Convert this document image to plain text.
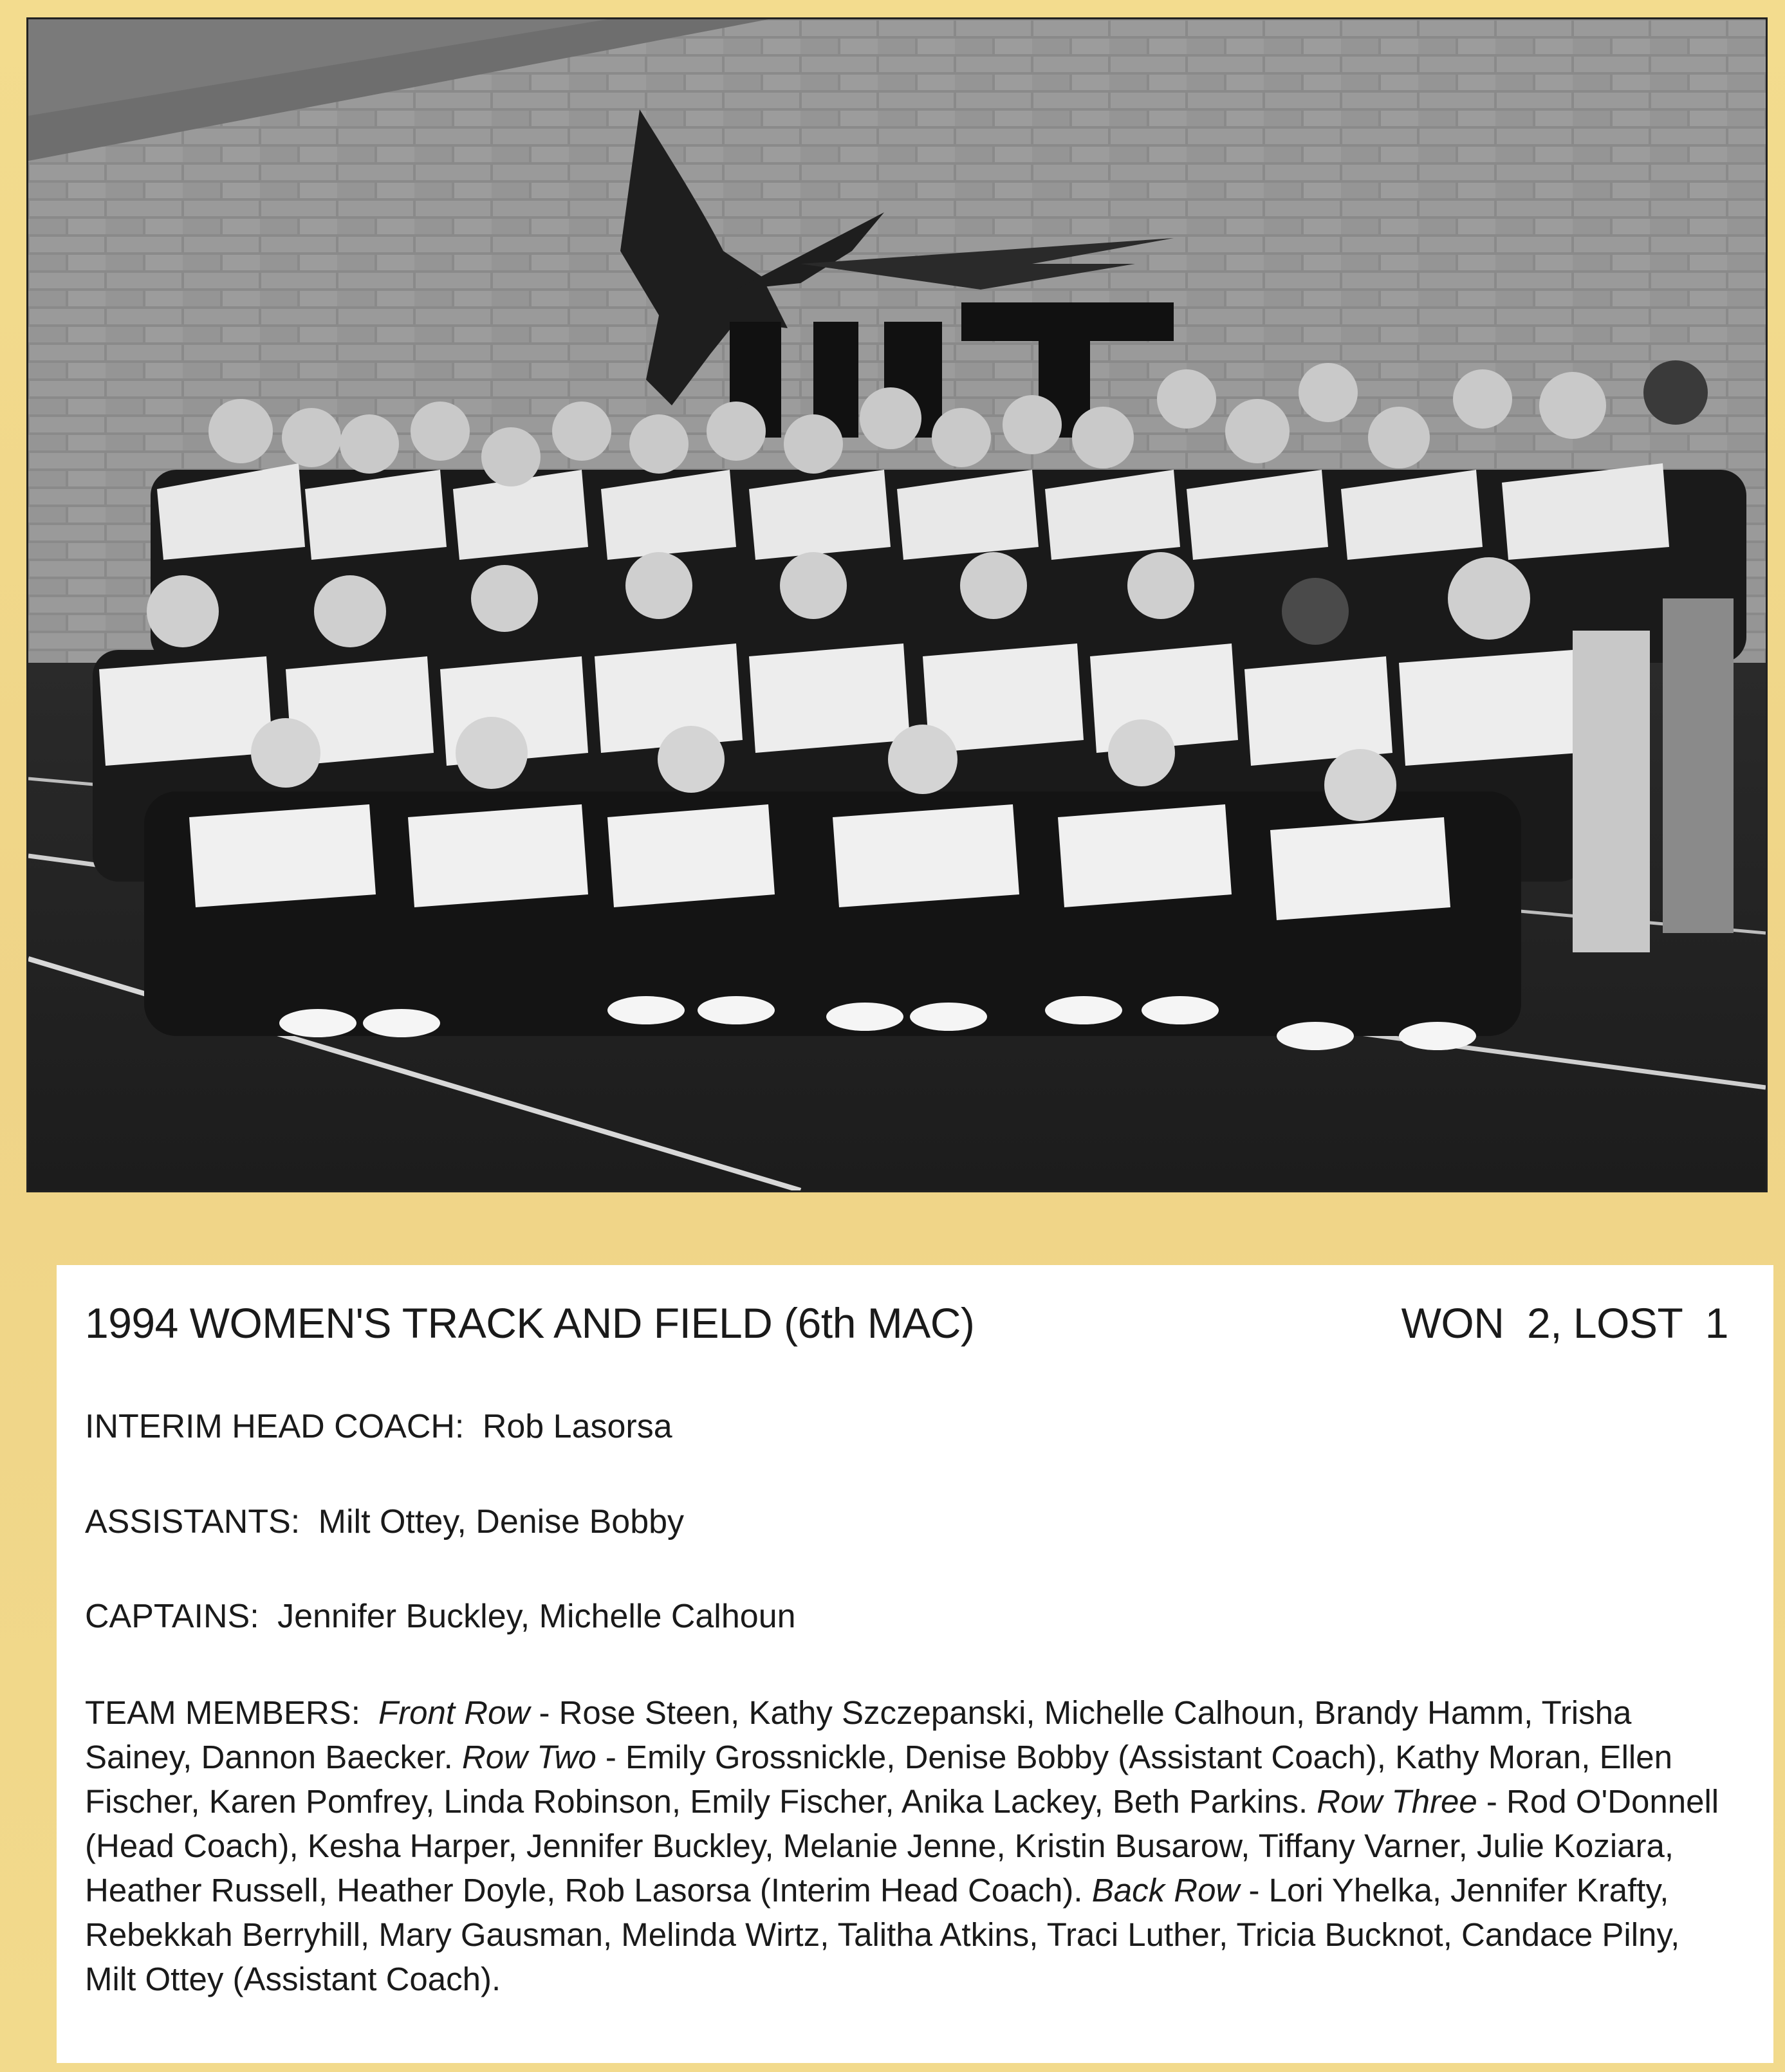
1994 WOMEN'S TRACK AND FIELD (6th MAC)	WON  2, LOST  1
INTERIM HEAD COACH: Rob Lasorsa
ASSISTANTS: Milt Ottey, Denise Bobby
CAPTAINS: Jennifer Buckley, Michelle Calhoun
TEAM MEMBERS: Front Row - Rose Steen, Kathy Szczepanski, Michelle Calhoun, Brandy Hamm, Trisha Sainey, Dannon Baecker. Row Two - Emily Grossnickle, Denise Bobby (Assistant Coach), Kathy Moran, Ellen Fischer, Karen Pomfrey, Linda Robinson, Emily Fischer, Anika Lackey, Beth Parkins. Row Three - Rod O'Donnell (Head Coach), Kesha Harper, Jennifer Buckley, Melanie Jenne, Kristin Busarow, Tiffany Varner, Julie Koziara, Heather Russell, Heather Doyle, Rob Lasorsa (Interim Head Coach). Back Row - Lori Yhelka, Jennifer Krafty, Rebekkah Berryhill, Mary Gausman, Melinda Wirtz, Talitha Atkins, Traci Luther, Tricia Bucknot, Candace Pilny, Milt Ottey (Assistant Coach).
